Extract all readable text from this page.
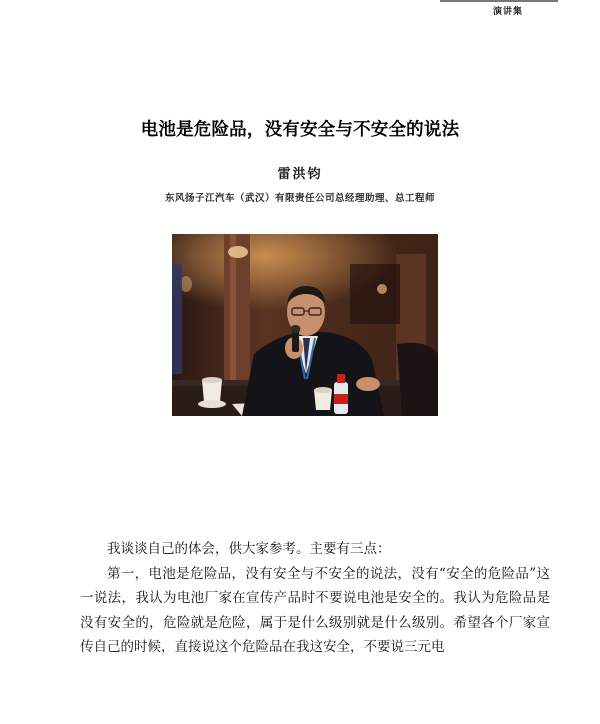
演讲集
电池是危险品，没有安全与不安全的说法
雷洪钧
东风扬子江汽车（武汉）有限责任公司总经理助理、总工程师

我谈谈自己的体会，供大家参考。主要有三点：

第一，电池是危险品，没有安全与不安全的说法，没有“安全的危险品”这一说法，我认为电池厂家在宣传产品时不要说电池是安全的。我认为危险品是没有安全的，危险就是危险，属于是什么级别就是什么级别。希望各个厂家宣传自己的时候，直接说这个危险品在我这安全，不要说三元电
